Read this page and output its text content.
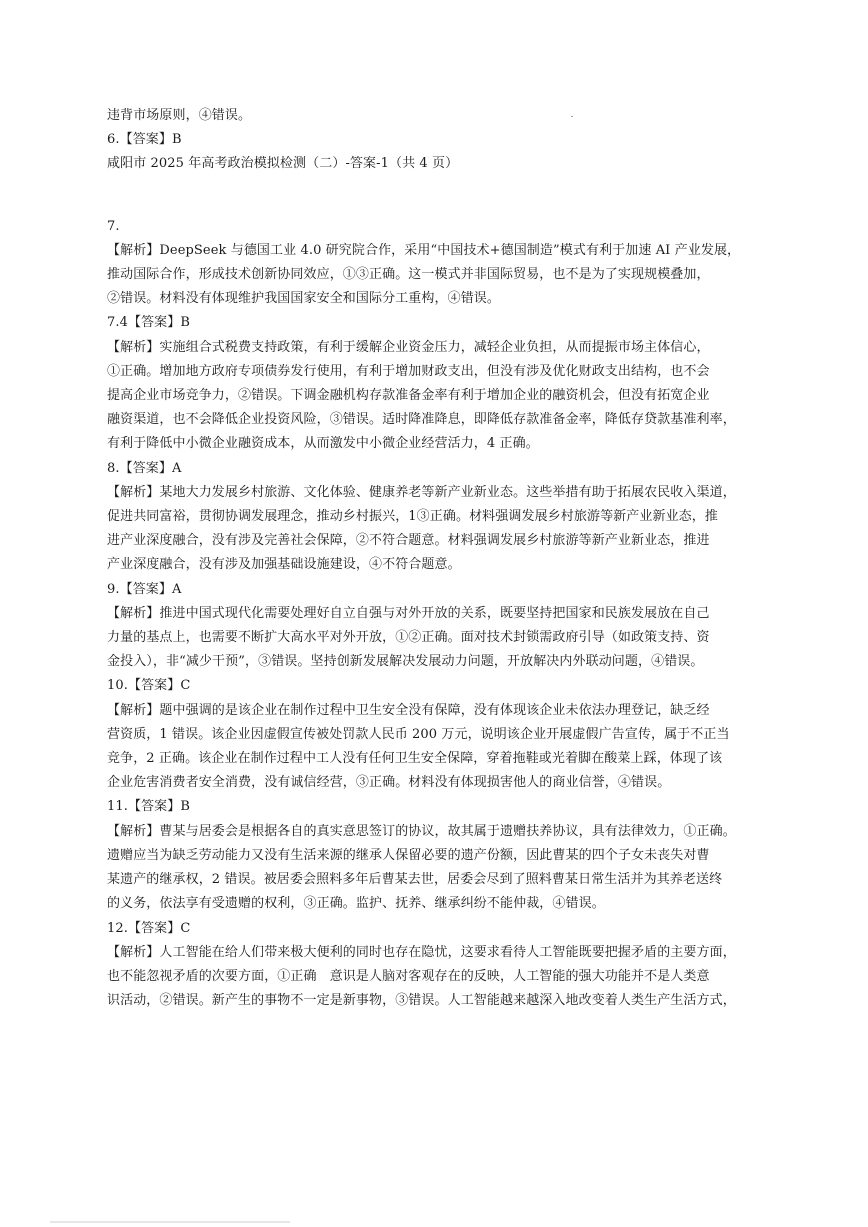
违背市场原则，④错误。
6.【答案】B
咸阳市 2025 年高考政治模拟检测（二）-答案-1（共 4 页）
7.
【解析】DeepSeek 与德国工业 4.0 研究院合作，采用“中国技术+德国制造”模式有利于加速 AI 产业发展，
推动国际合作，形成技术创新协同效应，①③正确。这一模式并非国际贸易，也不是为了实现规模叠加，
②错误。材料没有体现维护我国国家安全和国际分工重构，④错误。
7.4【答案】B
【解析】实施组合式税费支持政策，有利于缓解企业资金压力，减轻企业负担，从而提振市场主体信心，
①正确。增加地方政府专项债券发行使用，有利于增加财政支出，但没有涉及优化财政支出结构，也不会
提高企业市场竞争力，②错误。下调金融机构存款准备金率有利于增加企业的融资机会，但没有拓宽企业
融资渠道，也不会降低企业投资风险，③错误。适时降准降息，即降低存款准备金率，降低存贷款基准利率，
有利于降低中小微企业融资成本，从而激发中小微企业经营活力，4 正确。
8.【答案】A
【解析】某地大力发展乡村旅游、文化体验、健康养老等新产业新业态。这些举措有助于拓展农民收入渠道，
促进共同富裕，贯彻协调发展理念，推动乡村振兴，1③正确。材料强调发展乡村旅游等新产业新业态，推
进产业深度融合，没有涉及完善社会保障，②不符合题意。材料强调发展乡村旅游等新产业新业态，推进
产业深度融合，没有涉及加强基础设施建设，④不符合题意。
9.【答案】A
【解析】推进中国式现代化需要处理好自立自强与对外开放的关系，既要坚持把国家和民族发展放在自己
力量的基点上，也需要不断扩大高水平对外开放，①②正确。面对技术封锁需政府引导（如政策支持、资
金投入），非“减少干预”，③错误。坚持创新发展解决发展动力问题，开放解决内外联动问题，④错误。
10.【答案】C
【解析】题中强调的是该企业在制作过程中卫生安全没有保障，没有体现该企业未依法办理登记，缺乏经
营资质，1 错误。该企业因虚假宣传被处罚款人民币 200 万元，说明该企业开展虚假广告宣传，属于不正当
竞争，2 正确。该企业在制作过程中工人没有任何卫生安全保障，穿着拖鞋或光着脚在酸菜上踩，体现了该
企业危害消费者安全消费，没有诚信经营，③正确。材料没有体现损害他人的商业信誉，④错误。
11.【答案】B
【解析】曹某与居委会是根据各自的真实意思签订的协议，故其属于遗赠扶养协议，具有法律效力，①正确。
遗赠应当为缺乏劳动能力又没有生活来源的继承人保留必要的遗产份额，因此曹某的四个子女未丧失对曹
某遗产的继承权，2 错误。被居委会照料多年后曹某去世，居委会尽到了照料曹某日常生活并为其养老送终
的义务，依法享有受遗赠的权利，③正确。监护、抚养、继承纠纷不能仲裁，④错误。
12.【答案】C
【解析】人工智能在给人们带来极大便利的同时也存在隐忧，这要求看待人工智能既要把握矛盾的主要方面，
也不能忽视矛盾的次要方面，①正确　意识是人脑对客观存在的反映，人工智能的强大功能并不是人类意
识活动，②错误。新产生的事物不一定是新事物，③错误。人工智能越来越深入地改变着人类生产生活方式，
